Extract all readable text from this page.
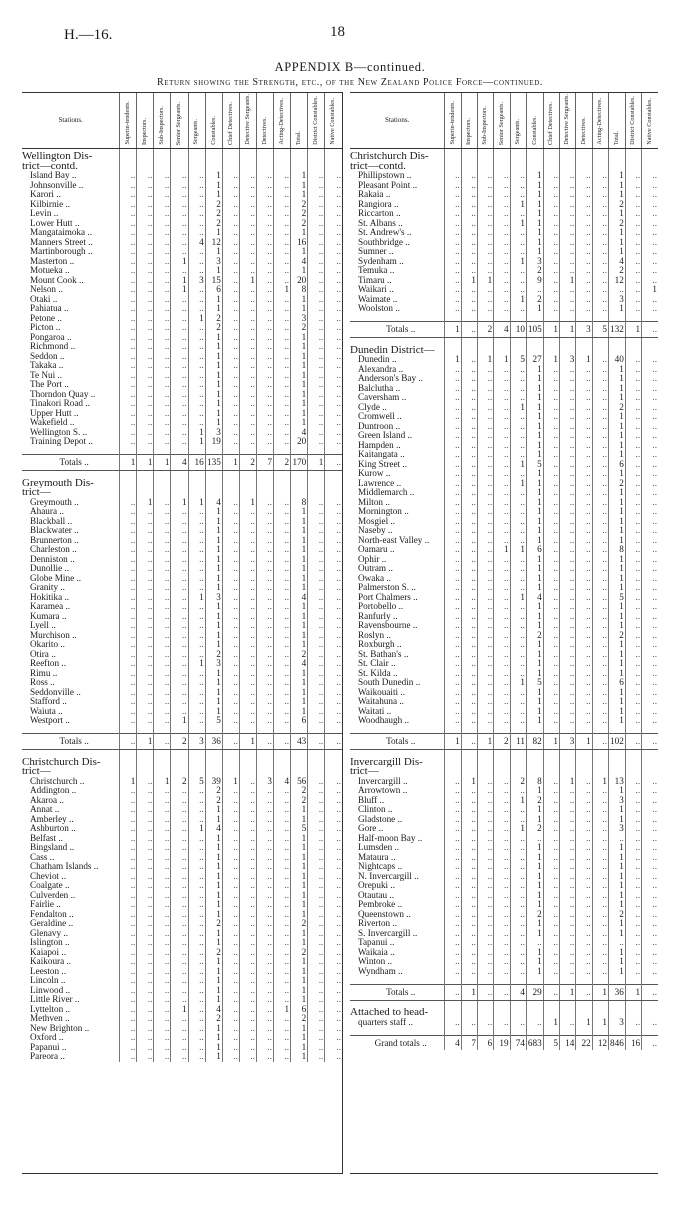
H.—16.	18
APPENDIX B—continued.
Return showing the Strength, etc., of the New Zealand Police Force—continued.
Stations.	Superin-tendents.	Inspectors.	Sub-Inspectors.	Senior Sergeants.	Sergeants.	Constables.	Chief Detectives.	Detective Sergeants.	Detectives.	Acting-Detectives.	Total.	District Constables.	Native Constables.

Wellington Dis-													
trict—contd.													
Island Bay ..	..	..	..	..	..	1	..	..	..	..	1	..	..
Johnsonville ..	..	..	..	..	..	1	..	..	..	..	1	..	..
Karori ..	..	..	..	..	..	1	..	..	..	..	1	..	..
Kilbirnie ..	..	..	..	..	..	2	..	..	..	..	2	..	..
Levin ..	..	..	..	..	..	2	..	..	..	..	2	..	..
Lower Hutt ..	..	..	..	..	..	2	..	..	..	..	2	..	..
Mangataimoka ..	..	..	..	..	..	1	..	..	..	..	1	..	..
Manners Street ..	..	..	..	..	4	12	..	..	..	..	16	..	..
Martinborough ..	..	..	..	..	..	1	..	..	..	..	1	..	..
Masterton ..	..	..	..	1	..	3	..	..	..	..	4	..	..
Motueka ..	..	..	..	..	..	1	..	..	..	..	1	..	..
Mount Cook ..	..	..	..	1	3	15	..	1	..	..	20	..	..
Nelson ..	..	..	..	1	..	6	..	..	..	1	8	..	..
Otaki ..	..	..	..	..	..	1	..	..	..	..	1	..	..
Pahiatua ..	..	..	..	..	..	1	..	..	..	..	1	..	..
Petone ..	..	..	..	..	1	2	..	..	..	..	3	..	..
Picton ..	..	..	..	..	..	2	..	..	..	..	2	..	..
Pongaroa ..	..	..	..	..	..	1	..	..	..	..	1	..	..
Richmond ..	..	..	..	..	..	1	..	..	..	..	1	..	..
Seddon ..	..	..	..	..	..	1	..	..	..	..	1	..	..
Takaka ..	..	..	..	..	..	1	..	..	..	..	1	..	..
Te Nui ..	..	..	..	..	..	1	..	..	..	..	1	..	..
The Port ..	..	..	..	..	..	1	..	..	..	..	1	..	..
Thorndon Quay ..	..	..	..	..	..	1	..	..	..	..	1	..	..
Tinakori Road ..	..	..	..	..	..	1	..	..	..	..	1	..	..
Upper Hutt ..	..	..	..	..	..	1	..	..	..	..	1	..	..
Wakefield ..	..	..	..	..	..	1	..	..	..	..	1	..	..
Wellington S. ..	..	..	..	..	1	3	..	..	..	..	4	..	..
Training Depot ..	..	..	..	..	1	19	..	..	..	..	20	..	..

Totals ..	1	1	1	4	16	135	1	2	7	2	170	1	..

Greymouth Dis-													
trict—													
Greymouth ..	..	1	..	1	1	4	..	1	..	..	8	..	..
Ahaura ..	..	..	..	..	..	1	..	..	..	..	1	..	..
Blackball ..	..	..	..	..	..	1	..	..	..	..	1	..	..
Blackwater ..	..	..	..	..	..	1	..	..	..	..	1	..	..
Brunnerton ..	..	..	..	..	..	1	..	..	..	..	1	..	..
Charleston ..	..	..	..	..	..	1	..	..	..	..	1	..	..
Denniston ..	..	..	..	..	..	1	..	..	..	..	1	..	..
Dunollie ..	..	..	..	..	..	1	..	..	..	..	1	..	..
Globe Mine ..	..	..	..	..	..	1	..	..	..	..	1	..	..
Granity ..	..	..	..	..	..	1	..	..	..	..	1	..	..
Hokitika ..	..	..	..	..	1	3	..	..	..	..	4	..	..
Karamea ..	..	..	..	..	..	1	..	..	..	..	1	..	..
Kumara ..	..	..	..	..	..	1	..	..	..	..	1	..	..
Lyell ..	..	..	..	..	..	1	..	..	..	..	1	..	..
Murchison ..	..	..	..	..	..	1	..	..	..	..	1	..	..
Okarito ..	..	..	..	..	..	1	..	..	..	..	1	..	..
Otira ..	..	..	..	..	..	2	..	..	..	..	2	..	..
Reefton ..	..	..	..	..	1	3	..	..	..	..	4	..	..
Rimu ..	..	..	..	..	..	1	..	..	..	..	1	..	..
Ross ..	..	..	..	..	..	1	..	..	..	..	1	..	..
Seddonville ..	..	..	..	..	..	1	..	..	..	..	1	..	..
Stafford ..	..	..	..	..	..	1	..	..	..	..	1	..	..
Waiuta ..	..	..	..	..	..	1	..	..	..	..	1	..	..
Westport ..	..	..	..	1	..	5	..	..	..	..	6	..	..

Totals ..	..	1	..	2	3	36	..	1	..	..	43	..	..

Christchurch Dis-													
trict—													
Christchurch ..	1	..	1	2	5	39	1	..	3	4	56	..	..
Addington ..	..	..	..	..	..	2	..	..	..	..	2	..	..
Akaroa ..	..	..	..	..	..	2	..	..	..	..	2	..	..
Annat ..	..	..	..	..	..	1	..	..	..	..	1	..	..
Amberley ..	..	..	..	..	..	1	..	..	..	..	1	..	..
Ashburton ..	..	..	..	..	1	4	..	..	..	..	5	..	..
Belfast ..	..	..	..	..	..	1	..	..	..	..	1	..	..
Bingsland ..	..	..	..	..	..	1	..	..	..	..	1	..	..
Cass ..	..	..	..	..	..	1	..	..	..	..	1	..	..
Chatham Islands ..	..	..	..	..	..	1	..	..	..	..	1	..	..
Cheviot ..	..	..	..	..	..	1	..	..	..	..	1	..	..
Coalgate ..	..	..	..	..	..	1	..	..	..	..	1	..	..
Culverden ..	..	..	..	..	..	1	..	..	..	..	1	..	..
Fairlie ..	..	..	..	..	..	1	..	..	..	..	1	..	..
Fendalton ..	..	..	..	..	..	1	..	..	..	..	1	..	..
Geraldine ..	..	..	..	..	..	2	..	..	..	..	2	..	..
Glenavy ..	..	..	..	..	..	1	..	..	..	..	1	..	..
Islington ..	..	..	..	..	..	1	..	..	..	..	1	..	..
Kaiapoi ..	..	..	..	..	..	2	..	..	..	..	2	..	..
Kaikoura ..	..	..	..	..	..	1	..	..	..	..	1	..	..
Leeston ..	..	..	..	..	..	1	..	..	..	..	1	..	..
Lincoln ..	..	..	..	..	..	1	..	..	..	..	1	..	..
Linwood ..	..	..	..	..	..	1	..	..	..	..	1	..	..
Little River ..	..	..	..	..	..	1	..	..	..	..	1	..	..
Lyttelton ..	..	..	..	1	..	4	..	..	..	1	6	..	..
Methven ..	..	..	..	..	..	2	..	..	..	..	2	..	..
New Brighton ..	..	..	..	..	..	1	..	..	..	..	1	..	..
Oxford ..	..	..	..	..	..	1	..	..	..	..	1	..	..
Papanui ..	..	..	..	..	..	1	..	..	..	..	1	..	..
Pareora ..	..	..	..	..	..	1	..	..	..	..	1	..	..
Stations.	Superin-tendents.	Inspectors.	Sub-Inspectors.	Senior Sergeants.	Sergeants.	Constables.	Chief Detectives.	Detective Sergeants.	Detectives.	Acting-Detectives.	Total.	District Constables.	Native Constables.

Christchurch Dis-													
trict—contd.													
Phillipstown ..	..	..	..	..	..	1	..	..	..	..	1	..	..
Pleasant Point ..	..	..	..	..	..	1	..	..	..	..	1	..	..
Rakaia ..	..	..	..	..	..	1	..	..	..	..	1	..	..
Rangiora ..	..	..	..	..	1	1	..	..	..	..	2	..	..
Riccarton ..	..	..	..	..	..	1	..	..	..	..	1	..	..
St. Albans ..	..	..	..	..	1	1	..	..	..	..	2	..	..
St. Andrew's ..	..	..	..	..	..	1	..	..	..	..	1	..	..
Southbridge ..	..	..	..	..	..	1	..	..	..	..	1	..	..
Sumner ..	..	..	..	..	..	1	..	..	..	..	1	..	..
Sydenham ..	..	..	..	..	1	3	..	..	..	..	4	..	..
Temuka ..	..	..	..	..	..	2	..	..	..	..	2	..	..
Timaru ..	..	1	1	..	..	9	..	1	..	..	12	..	..
Waikari ..	..	..	..	..	..	..	..	..	..	..	..	..	1
Waimate ..	..	..	..	..	1	2	..	..	..	..	3	..	..
Woolston ..	..	..	..	..	..	1	..	..	..	..	1	..	..

Totals ..	1	..	2	4	10	105	1	1	3	5	132	1	..

Dunedin District—													
Dunedin ..	1	..	1	1	5	27	1	3	1	..	40	..	..
Alexandra ..	..	..	..	..	..	1	..	..	..	..	1	..	..
Anderson's Bay ..	..	..	..	..	..	1	..	..	..	..	1	..	..
Balclutha ..	..	..	..	..	..	1	..	..	..	..	1	..	..
Caversham ..	..	..	..	..	..	1	..	..	..	..	1	..	..
Clyde ..	..	..	..	..	1	1	..	..	..	..	2	..	..
Cromwell ..	..	..	..	..	..	1	..	..	..	..	1	..	..
Duntroon ..	..	..	..	..	..	1	..	..	..	..	1	..	..
Green Island ..	..	..	..	..	..	1	..	..	..	..	1	..	..
Hampden ..	..	..	..	..	..	1	..	..	..	..	1	..	..
Kaitangata ..	..	..	..	..	..	1	..	..	..	..	1	..	..
King Street ..	..	..	..	..	1	5	..	..	..	..	6	..	..
Kurow ..	..	..	..	..	..	1	..	..	..	..	1	..	..
Lawrence ..	..	..	..	..	1	1	..	..	..	..	2	..	..
Middlemarch ..	..	..	..	..	..	1	..	..	..	..	1	..	..
Milton ..	..	..	..	..	..	1	..	..	..	..	1	..	..
Mornington ..	..	..	..	..	..	1	..	..	..	..	1	..	..
Mosgiel ..	..	..	..	..	..	1	..	..	..	..	1	..	..
Naseby ..	..	..	..	..	..	1	..	..	..	..	1	..	..
North-east Valley ..	..	..	..	..	..	1	..	..	..	..	1	..	..
Oamaru ..	..	..	..	1	1	6	..	..	..	..	8	..	..
Ophir ..	..	..	..	..	..	1	..	..	..	..	1	..	..
Outram ..	..	..	..	..	..	1	..	..	..	..	1	..	..
Owaka ..	..	..	..	..	..	1	..	..	..	..	1	..	..
Palmerston S. ..	..	..	..	..	..	1	..	..	..	..	1	..	..
Port Chalmers ..	..	..	..	..	1	4	..	..	..	..	5	..	..
Portobello ..	..	..	..	..	..	1	..	..	..	..	1	..	..
Ranfurly ..	..	..	..	..	..	1	..	..	..	..	1	..	..
Ravensbourne ..	..	..	..	..	..	1	..	..	..	..	1	..	..
Roslyn ..	..	..	..	..	..	2	..	..	..	..	2	..	..
Roxburgh ..	..	..	..	..	..	1	..	..	..	..	1	..	..
St. Bathan's ..	..	..	..	..	..	1	..	..	..	..	1	..	..
St. Clair ..	..	..	..	..	..	1	..	..	..	..	1	..	..
St. Kilda ..	..	..	..	..	..	1	..	..	..	..	1	..	..
South Dunedin ..	..	..	..	..	1	5	..	..	..	..	6	..	..
Waikouaiti ..	..	..	..	..	..	1	..	..	..	..	1	..	..
Waitahuna ..	..	..	..	..	..	1	..	..	..	..	1	..	..
Waitati ..	..	..	..	..	..	1	..	..	..	..	1	..	..
Woodhaugh ..	..	..	..	..	..	1	..	..	..	..	1	..	..

Totals ..	1	..	1	2	11	82	1	3	1	..	102	..	..

Invercargill Dis-													
trict—													
Invercargill ..	..	1	..	..	2	8	..	1	..	1	13	..	..
Arrowtown ..	..	..	..	..	..	1	..	..	..	..	1	..	..
Bluff ..	..	..	..	..	1	2	..	..	..	..	3	..	..
Clinton ..	..	..	..	..	..	1	..	..	..	..	1	..	..
Gladstone ..	..	..	..	..	..	1	..	..	..	..	1	..	..
Gore ..	..	..	..	..	1	2	..	..	..	..	3	..	..
Half-moon Bay ..	..	..	..	..	..	..	..	..	..	..	..	..	..
Lumsden ..	..	..	..	..	..	1	..	..	..	..	1	..	..
Mataura ..	..	..	..	..	..	1	..	..	..	..	1	..	..
Nightcaps ..	..	..	..	..	..	1	..	..	..	..	1	..	..
N. Invercargill ..	..	..	..	..	..	1	..	..	..	..	1	..	..
Orepuki ..	..	..	..	..	..	1	..	..	..	..	1	..	..
Otautau ..	..	..	..	..	..	1	..	..	..	..	1	..	..
Pembroke ..	..	..	..	..	..	1	..	..	..	..	1	..	..
Queenstown ..	..	..	..	..	..	2	..	..	..	..	2	..	..
Riverton ..	..	..	..	..	..	1	..	..	..	..	1	..	..
S. Invercargill ..	..	..	..	..	..	1	..	..	..	..	1	..	..
Tapanui ..	..	..	..	..	..	..	..	..	..	..	..	..	..
Waikaia ..	..	..	..	..	..	1	..	..	..	..	1	..	..
Winton ..	..	..	..	..	..	1	..	..	..	..	1	..	..
Wyndham ..	..	..	..	..	..	1	..	..	..	..	1	..	..

Totals ..	..	1	..	..	4	29	..	1	..	1	36	1	..

Attached to head-													
quarters staff ..	..	..	..	..	..	..	1	..	1	1	3	..	..

Grand totals ..	4	7	6	19	74	683	5	14	22	12	846	16	..
